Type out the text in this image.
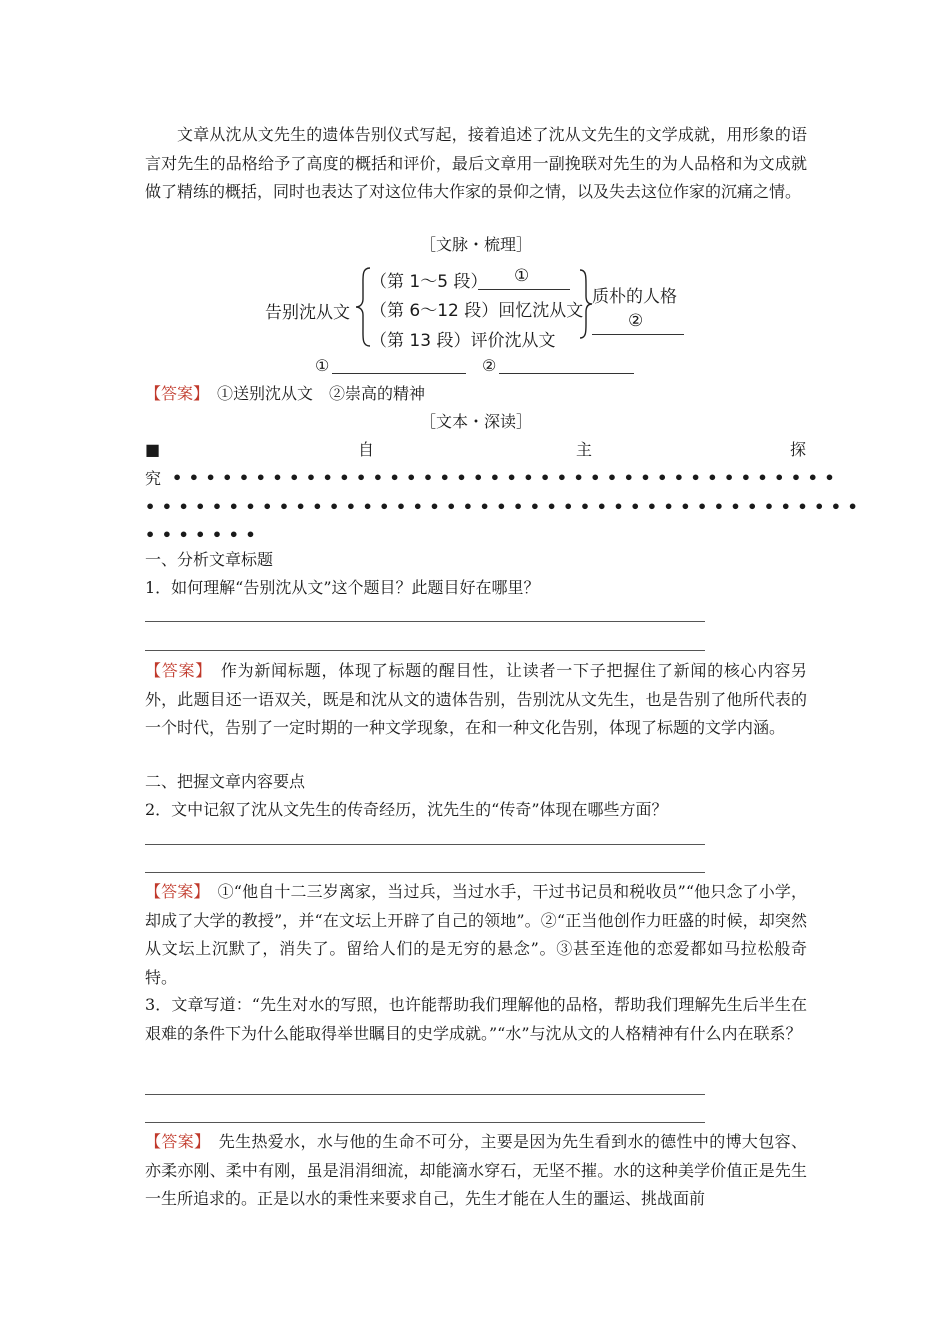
文章从沈从文先生的遗体告别仪式写起，接着追述了沈从文先生的文学成就，用形象的语言对先生的品格给予了高度的概括和评价，最后文章用一副挽联对先生的为人品格和为文成就做了精练的概括，同时也表达了对这位伟大作家的景仰之情，以及失去这位作家的沉痛之情。
［文脉・梳理］
告别沈从文
（第 1～5 段） ①
（第 6～12 段）回忆沈从文
（第 13 段）评价沈从文
质朴的人格
②
①	②
【答案】　 ①送别沈从文　②崇高的精神
［文本・深读］
■	自	主	探
究 ••••••••••••••••••••••••••••••••••••••••
•••••••••••••••••••••••••••••••••••••••••••
•••••••
一、分析文章标题
1．如何理解“告别沈从文”这个题目？此题目好在哪里？
【答案】　 作为新闻标题，体现了标题的醒目性，让读者一下子把握住了新闻的核心内容另外，此题目还一语双关，既是和沈从文的遗体告别，告别沈从文先生，也是告别了他所代表的一个时代，告别了一定时期的一种文学现象，在和一种文化告别，体现了标题的文学内涵。
二、把握文章内容要点
2．文中记叙了沈从文先生的传奇经历，沈先生的“传奇”体现在哪些方面？
【答案】　 ①“他自十二三岁离家，当过兵，当过水手，干过书记员和税收员”“他只念了小学，却成了大学的教授”，并“在文坛上开辟了自己的领地”。②“正当他创作力旺盛的时候，却突然从文坛上沉默了，消失了。留给人们的是无穷的悬念”。③甚至连他的恋爱都如马拉松般奇特。
3．文章写道：“先生对水的写照，也许能帮助我们理解他的品格，帮助我们理解先生后半生在艰难的条件下为什么能取得举世瞩目的史学成就。”“水”与沈从文的人格精神有什么内在联系？
【答案】　 先生热爱水，水与他的生命不可分，主要是因为先生看到水的德性中的博大包容、亦柔亦刚、柔中有刚，虽是涓涓细流，却能滴水穿石，无坚不摧。水的这种美学价值正是先生一生所追求的。正是以水的秉性来要求自己，先生才能在人生的噩运、挑战面前
